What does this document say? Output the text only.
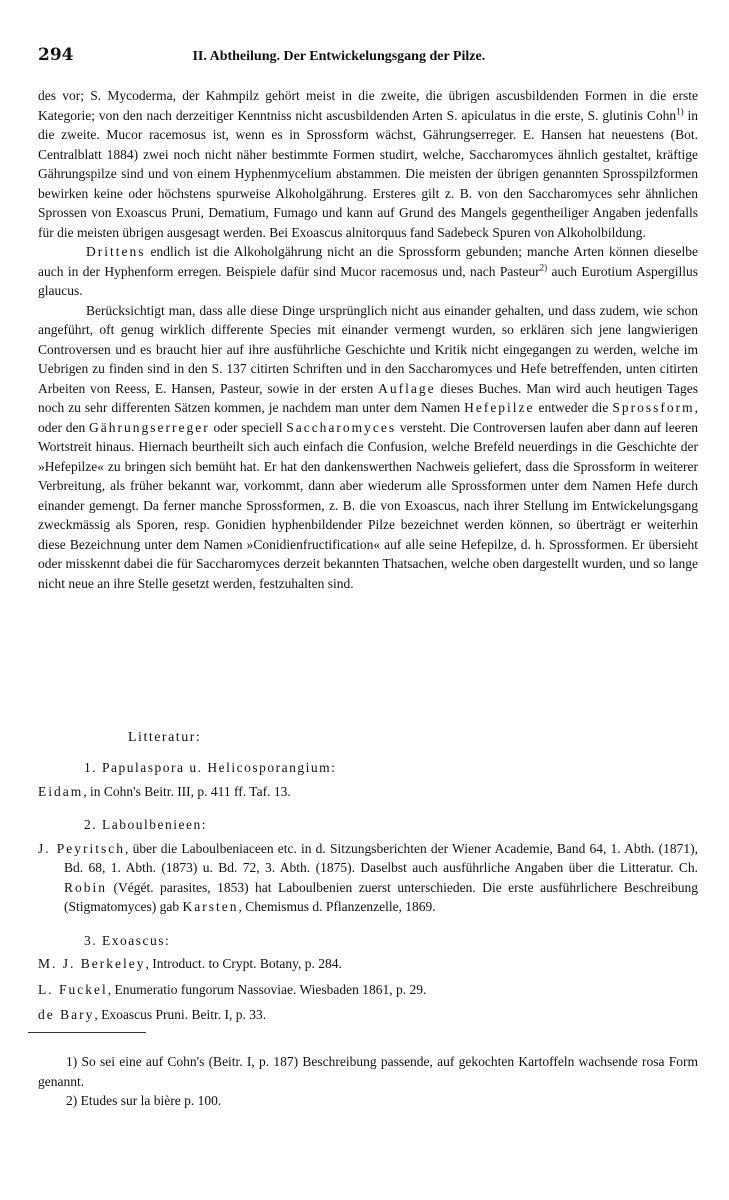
294	II. Abtheilung. Der Entwickelungsgang der Pilze.

des vor; S. Mycoderma, der Kahmpilz gehört meist in die zweite, die übrigen ascusbildenden Formen in die erste Kategorie; von den nach derzeitiger Kenntniss nicht ascusbildenden Arten S. apiculatus in die erste, S. glutinis Cohn$^{1)}$ in die zweite. Mucor racemosus ist, wenn es in Sprossform wächst, Gährungserreger. E. Hansen hat neuestens (Bot. Centralblatt 1884) zwei noch nicht näher bestimmte Formen studirt, welche, Saccharomyces ähnlich gestaltet, kräftige Gährungspilze sind und von einem Hyphenmycelium abstammen. Die meisten der übrigen genannten Sprosspilzformen bewirken keine oder höchstens spurweise Alkoholgährung. Ersteres gilt z. B. von den Saccharomyces sehr ähnlichen Sprossen von Exoascus Pruni, Dematium, Fumago und kann auf Grund des Mangels gegentheiliger Angaben jedenfalls für die meisten übrigen ausgesagt werden. Bei Exoascus alnitorquus fand Sadebeck Spuren von Alkoholbildung.

Drittens endlich ist die Alkoholgährung nicht an die Sprossform gebunden; manche Arten können dieselbe auch in der Hyphenform erregen. Beispiele dafür sind Mucor racemosus und, nach Pasteur$^{2)}$ auch Eurotium Aspergillus glaucus.

Berücksichtigt man, dass alle diese Dinge ursprünglich nicht aus einander gehalten, und dass zudem, wie schon angeführt, oft genug wirklich differente Species mit einander vermengt wurden, so erklären sich jene langwierigen Controversen und es braucht hier auf ihre ausführliche Geschichte und Kritik nicht eingegangen zu werden, welche im Uebrigen zu finden sind in den S. 137 citirten Schriften und in den Saccharomyces und Hefe betreffenden, unten citirten Arbeiten von Reess, E. Hansen, Pasteur, sowie in der ersten Auflage dieses Buches. Man wird auch heutigen Tages noch zu sehr differenten Sätzen kommen, je nachdem man unter dem Namen Hefepilze entweder die Sprossform, oder den Gährungserreger oder speciell Saccharomyces versteht. Die Controversen laufen aber dann auf leeren Wortstreit hinaus. Hiernach beurtheilt sich auch einfach die Confusion, welche Brefeld neuerdings in die Geschichte der »Hefepilze« zu bringen sich bemüht hat. Er hat den dankenswerthen Nachweis geliefert, dass die Sprossform in weiterer Verbreitung, als früher bekannt war, vorkommt, dann aber wiederum alle Sprossformen unter dem Namen Hefe durch einander gemengt. Da ferner manche Sprossformen, z. B. die von Exoascus, nach ihrer Stellung im Entwickelungsgang zweckmässig als Sporen, resp. Gonidien hyphenbildender Pilze bezeichnet werden können, so überträgt er weiterhin diese Bezeichnung unter dem Namen »Conidienfructification« auf alle seine Hefepilze, d. h. Sprossformen. Er übersieht oder misskennt dabei die für Saccharomyces derzeit bekannten Thatsachen, welche oben dargestellt wurden, und so lange nicht neue an ihre Stelle gesetzt werden, festzuhalten sind.

Litteratur:

1. Papulaspora u. Helicosporangium:

Eidam, in Cohn's Beitr. III, p. 411 ff. Taf. 13.

2. Laboulbenieen:

J. Peyritsch, über die Laboulbeniaceen etc. in d. Sitzungsberichten der Wiener Academie, Band 64, 1. Abth. (1871), Bd. 68, 1. Abth. (1873) u. Bd. 72, 3. Abth. (1875). Daselbst auch ausführliche Angaben über die Litteratur. Ch. Robin (Végét. parasites, 1853) hat Laboulbenien zuerst unterschieden. Die erste ausführlichere Beschreibung (Stigmatomyces) gab Karsten, Chemismus d. Pflanzenzelle, 1869.

3. Exoascus:

M. J. Berkeley, Introduct. to Crypt. Botany, p. 284.

L. Fuckel, Enumeratio fungorum Nassoviae. Wiesbaden 1861, p. 29.

de Bary, Exoascus Pruni. Beitr. I, p. 33.

1) So sei eine auf Cohn's (Beitr. I, p. 187) Beschreibung passende, auf gekochten Kartoffeln wachsende rosa Form genannt.

2) Etudes sur la bière p. 100.
